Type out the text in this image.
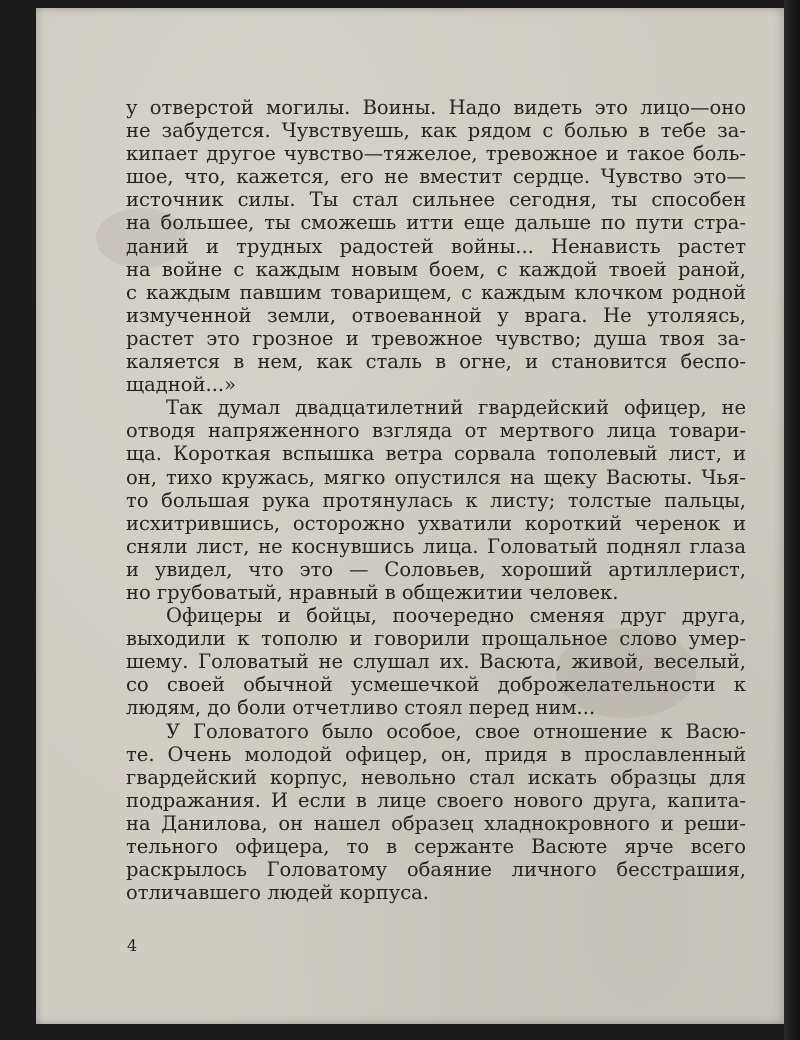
у отверстой могилы. Воины. Надо видеть это лицо—оно
не забудется. Чувствуешь, как рядом с болью в тебе за-
кипает другое чувство—тяжелое, тревожное и такое боль-
шое, что, кажется, его не вместит сердце. Чувство это—
источник силы. Ты стал сильнее сегодня, ты способен
на большее, ты сможешь итти еще дальше по пути стра-
даний и трудных радостей войны... Ненависть растет
на войне с каждым новым боем, с каждой твоей раной,
с каждым павшим товарищем, с каждым клочком родной
измученной земли, отвоеванной у врага. Не утоляясь,
растет это грозное и тревожное чувство; душа твоя за-
каляется в нем, как сталь в огне, и становится беспо-
щадной...»
Так думал двадцатилетний гвардейский офицер, не
отводя напряженного взгляда от мертвого лица товари-
ща. Короткая вспышка ветра сорвала тополевый лист, и
он, тихо кружась, мягко опустился на щеку Васюты. Чья-
то большая рука протянулась к листу; толстые пальцы,
исхитрившись, осторожно ухватили короткий черенок и
сняли лист, не коснувшись лица. Головатый поднял глаза
и увидел, что это — Соловьев, хороший артиллерист,
но грубоватый, нравный в общежитии человек.
Офицеры и бойцы, поочередно сменяя друг друга,
выходили к тополю и говорили прощальное слово умер-
шему. Головатый не слушал их. Васюта, живой, веселый,
со своей обычной усмешечкой доброжелательности к
людям, до боли отчетливо стоял перед ним...
У Головатого было особое, свое отношение к Васю-
те. Очень молодой офицер, он, придя в прославленный
гвардейский корпус, невольно стал искать образцы для
подражания. И если в лице своего нового друга, капита-
на Данилова, он нашел образец хладнокровного и реши-
тельного офицера, то в сержанте Васюте ярче всего
раскрылось Головатому обаяние личного бесстрашия,
отличавшего людей корпуса.
4
